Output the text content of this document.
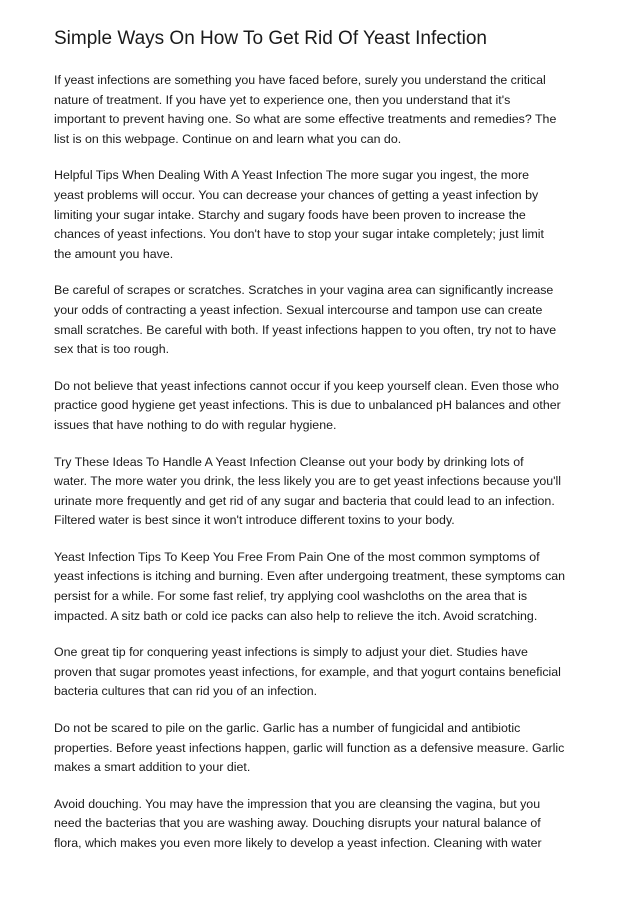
Simple Ways On How To Get Rid Of Yeast Infection

If yeast infections are something you have faced before, surely you understand the critical
nature of treatment. If you have yet to experience one, then you understand that it's
important to prevent having one. So what are some effective treatments and remedies? The
list is on this webpage. Continue on and learn what you can do.

Helpful Tips When Dealing With A Yeast Infection The more sugar you ingest, the more
yeast problems will occur. You can decrease your chances of getting a yeast infection by
limiting your sugar intake. Starchy and sugary foods have been proven to increase the
chances of yeast infections. You don't have to stop your sugar intake completely; just limit
the amount you have.

Be careful of scrapes or scratches. Scratches in your vagina area can significantly increase
your odds of contracting a yeast infection. Sexual intercourse and tampon use can create
small scratches. Be careful with both. If yeast infections happen to you often, try not to have
sex that is too rough.

Do not believe that yeast infections cannot occur if you keep yourself clean. Even those who
practice good hygiene get yeast infections. This is due to unbalanced pH balances and other
issues that have nothing to do with regular hygiene.

Try These Ideas To Handle A Yeast Infection Cleanse out your body by drinking lots of
water. The more water you drink, the less likely you are to get yeast infections because you'll
urinate more frequently and get rid of any sugar and bacteria that could lead to an infection.
Filtered water is best since it won't introduce different toxins to your body.

Yeast Infection Tips To Keep You Free From Pain One of the most common symptoms of
yeast infections is itching and burning. Even after undergoing treatment, these symptoms can
persist for a while. For some fast relief, try applying cool washcloths on the area that is
impacted. A sitz bath or cold ice packs can also help to relieve the itch. Avoid scratching.

One great tip for conquering yeast infections is simply to adjust your diet. Studies have
proven that sugar promotes yeast infections, for example, and that yogurt contains beneficial
bacteria cultures that can rid you of an infection.

Do not be scared to pile on the garlic. Garlic has a number of fungicidal and antibiotic
properties. Before yeast infections happen, garlic will function as a defensive measure. Garlic
makes a smart addition to your diet.

Avoid douching. You may have the impression that you are cleansing the vagina, but you
need the bacterias that you are washing away. Douching disrupts your natural balance of
flora, which makes you even more likely to develop a yeast infection. Cleaning with water
